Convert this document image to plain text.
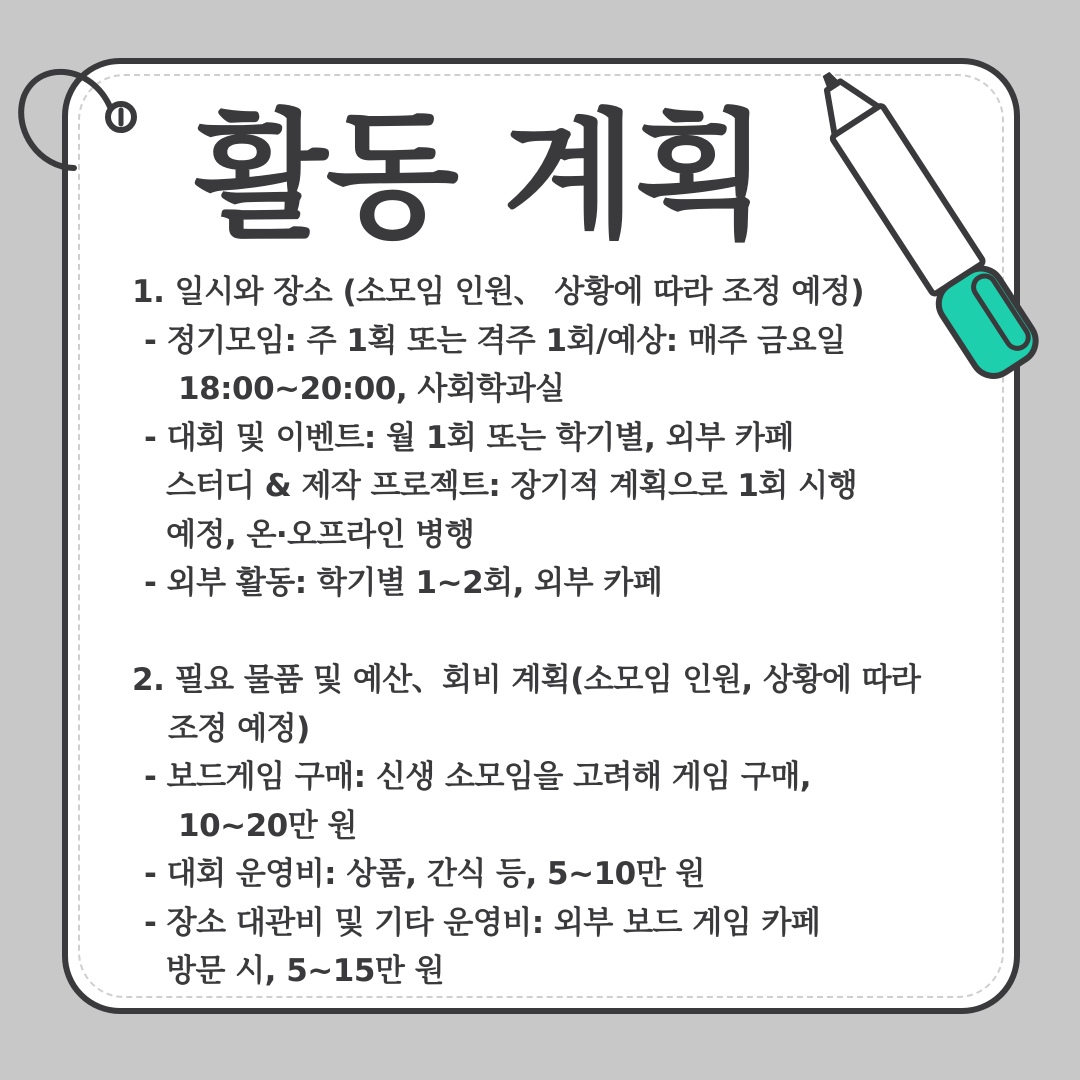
활동 계획
1. 일시와 장소 (소모임 인원、 상황에 따라 조정 예정)
- 정기모임: 주 1획 또는 격주 1회/예상: 매주 금요일
18:00~20:00, 사회학과실
- 대회 및 이벤트: 월 1회 또는 학기별, 외부 카페
스터디 & 제작 프로젝트: 장기적 계획으로 1회 시행
예정, 온·오프라인 병행
- 외부 활동: 학기별 1~2회, 외부 카페
2. 필요 물품 및 예산、회비 계획(소모임 인원, 상황에 따라
조정 예정)
- 보드게임 구매: 신생 소모임을 고려해 게임 구매,
10~20만 원
- 대회 운영비: 상품, 간식 등, 5~10만 원
- 장소 대관비 및 기타 운영비: 외부 보드 게임 카페
방문 시, 5~15만 원
